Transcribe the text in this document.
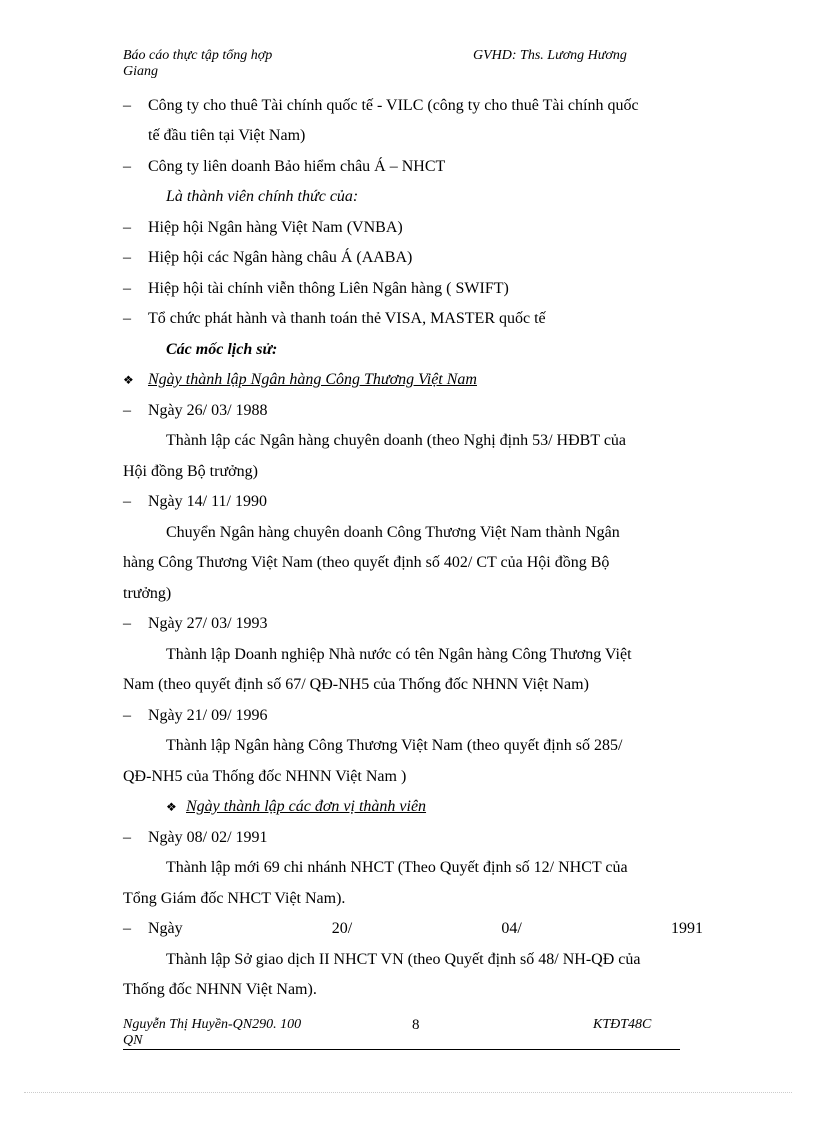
Báo cáo thực tập tổng hợp Giang
GVHD: Ths. Lương Hương
– Công ty cho thuê Tài chính quốc tế - VILC (công ty cho thuê Tài chính quốc
tế đầu tiên tại Việt Nam)
– Công ty liên doanh Bảo hiểm châu Á – NHCT
Là thành viên chính thức của:
– Hiệp hội Ngân hàng Việt Nam (VNBA)
– Hiệp hội các Ngân hàng châu Á (AABA)
– Hiệp hội tài chính viễn thông Liên Ngân hàng ( SWIFT)
– Tổ chức phát hành và thanh toán thẻ VISA, MASTER quốc tế
Các mốc lịch sử:
❖ Ngày thành lập Ngân hàng Công Thương Việt Nam
– Ngày 26/ 03/ 1988
Thành lập các Ngân hàng chuyên doanh (theo Nghị định 53/ HĐBT của
Hội đồng Bộ trưởng)
– Ngày 14/ 11/ 1990
Chuyển Ngân hàng chuyên doanh Công Thương Việt Nam thành Ngân
hàng Công Thương Việt Nam (theo quyết định số 402/ CT của Hội đồng Bộ
trưởng)
– Ngày 27/ 03/ 1993
Thành lập Doanh nghiệp Nhà nước có tên Ngân hàng Công Thương Việt
Nam (theo quyết định số 67/ QĐ-NH5 của Thống đốc NHNN Việt Nam)
– Ngày 21/ 09/ 1996
Thành lập Ngân hàng Công Thương Việt Nam (theo quyết định số 285/
QĐ-NH5 của Thống đốc NHNN Việt Nam )
❖ Ngày thành lập các đơn vị thành viên
– Ngày 08/ 02/ 1991
Thành lập mới 69 chi nhánh NHCT (Theo Quyết định số 12/ NHCT của
Tổng Giám đốc NHCT Việt Nam).
– Ngày	20/	04/	1991
Thành lập Sở giao dịch II NHCT VN (theo Quyết định số 48/ NH-QĐ của
Thống đốc NHNN Việt Nam).
Nguyễn Thị Huyền-QN290. 100 QN
8	KTĐT48C
